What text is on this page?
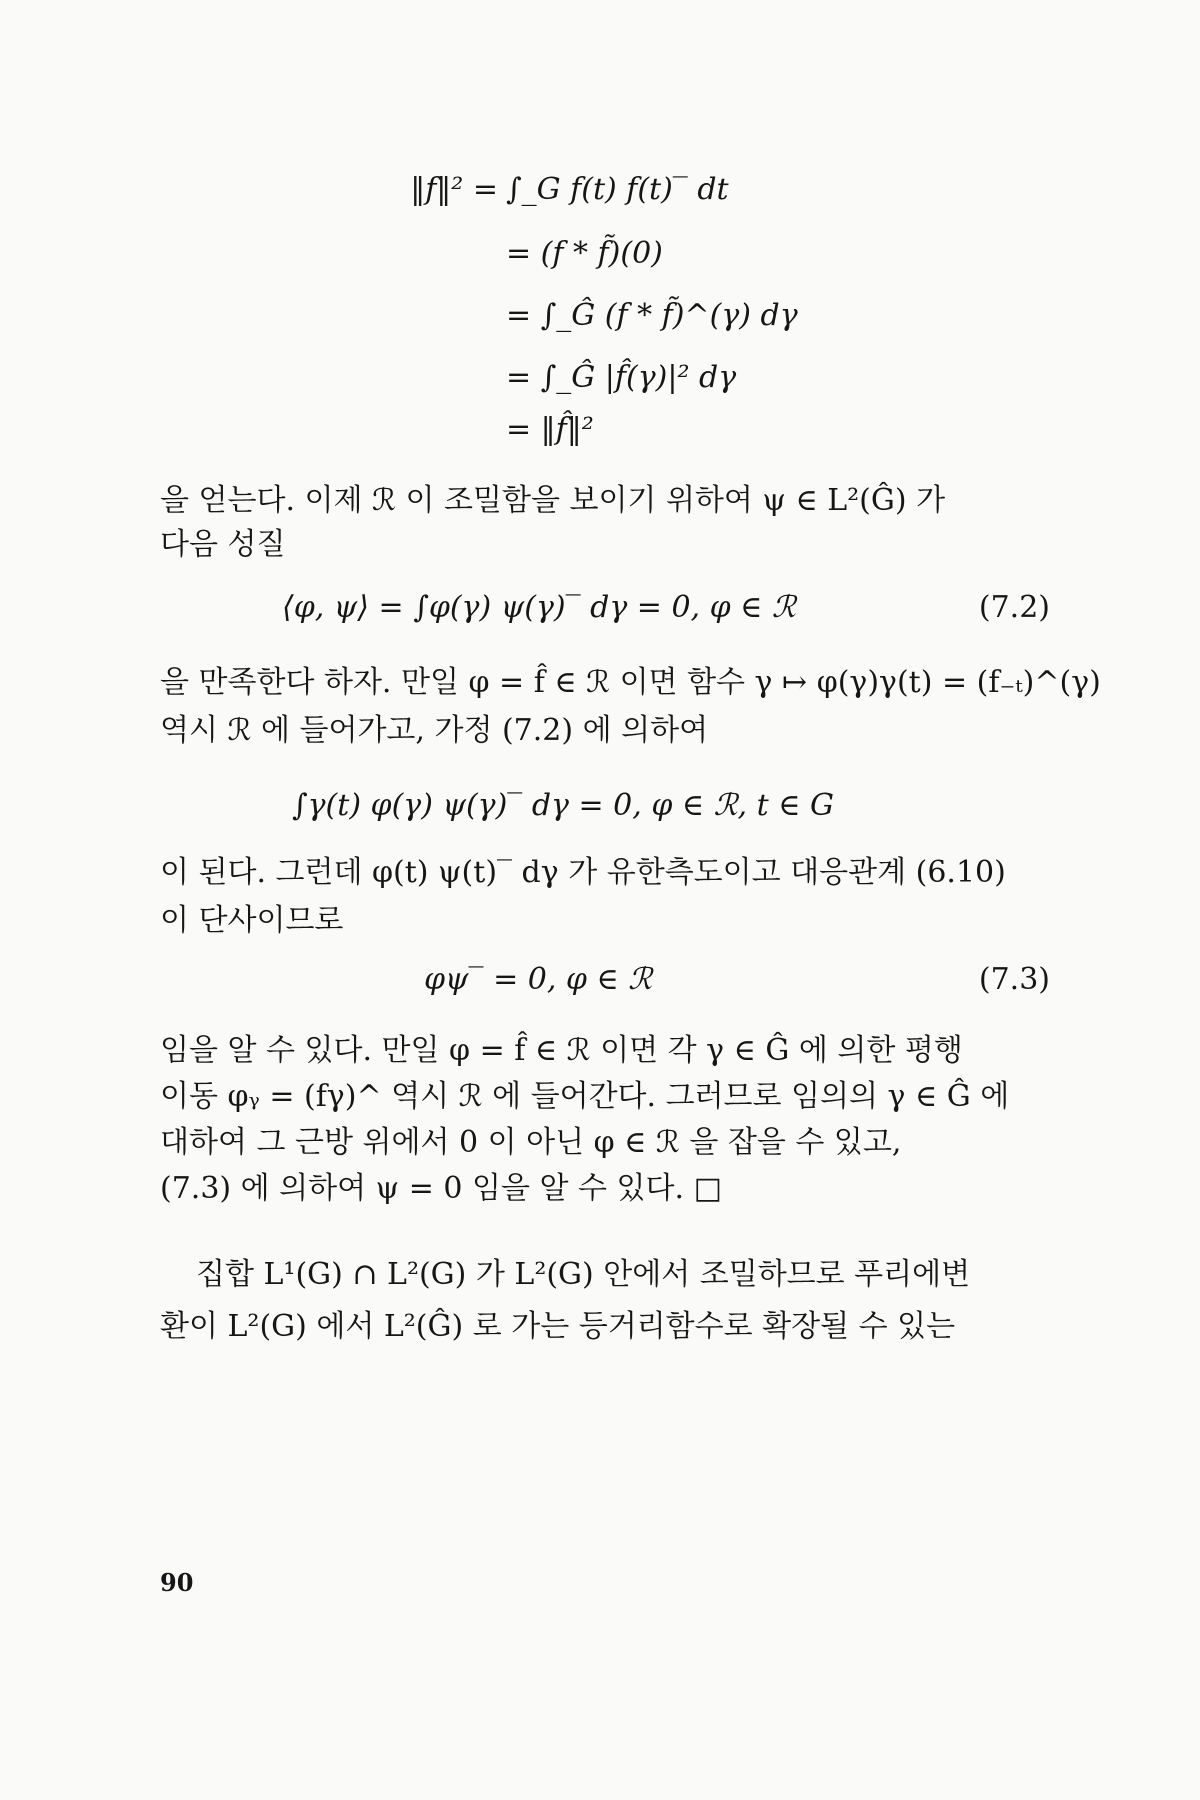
‖f‖² = ∫_G f(t) f(t)‾ dt
= (f * f̃)(0)
= ∫_Ĝ (f * f̃)^(γ) dγ
= ∫_Ĝ |f̂(γ)|² dγ
= ‖f̂‖²
을 얻는다. 이제 ℛ 이 조밀함을 보이기 위하여 ψ ∈ L²(Ĝ) 가
다음 성질
⟨φ, ψ⟩ = ∫φ(γ) ψ(γ)‾ dγ = 0, φ ∈ ℛ	(7.2)
을 만족한다 하자. 만일 φ = f̂ ∈ ℛ 이면 함수 γ ↦ φ(γ)γ(t) = (f₋ₜ)^(γ)
역시 ℛ 에 들어가고, 가정 (7.2) 에 의하여
∫γ(t) φ(γ) ψ(γ)‾ dγ = 0, φ ∈ ℛ, t ∈ G
이 된다. 그런데 φ(t) ψ(t)‾ dγ 가 유한측도이고 대응관계 (6.10)
이 단사이므로
φψ‾ = 0, φ ∈ ℛ	(7.3)
임을 알 수 있다. 만일 φ = f̂ ∈ ℛ 이면 각 γ ∈ Ĝ 에 의한 평행
이동 φᵧ = (fγ)^ 역시 ℛ 에 들어간다. 그러므로 임의의 γ ∈ Ĝ 에
대하여 그 근방 위에서 0 이 아닌 φ ∈ ℛ 을 잡을 수 있고,
(7.3) 에 의하여 ψ = 0 임을 알 수 있다. □
집합 L¹(G) ∩ L²(G) 가 L²(G) 안에서 조밀하므로 푸리에변
환이 L²(G) 에서 L²(Ĝ) 로 가는 등거리함수로 확장될 수 있는
90
